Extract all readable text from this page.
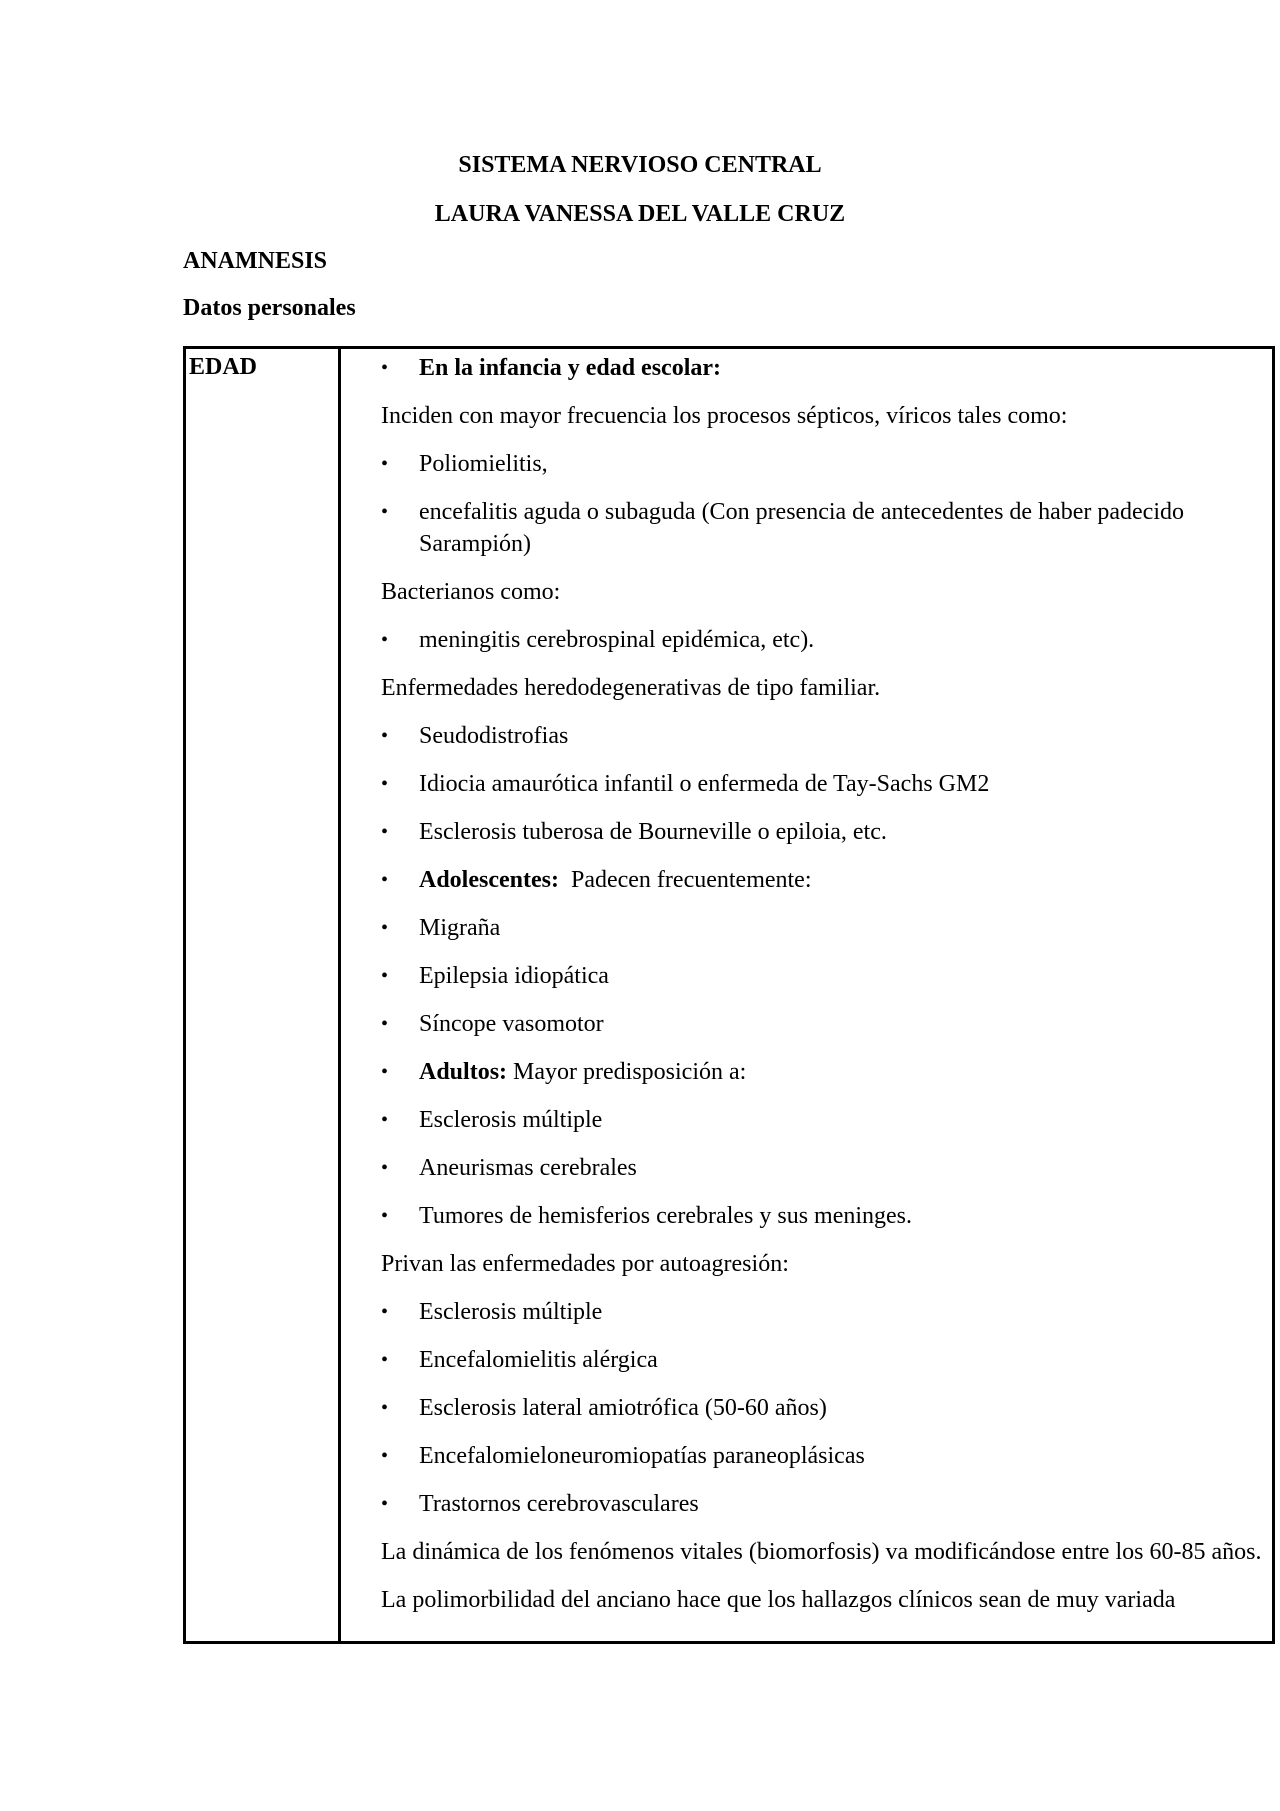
SISTEMA NERVIOSO CENTRAL
LAURA VANESSA DEL VALLE CRUZ
ANAMNESIS
Datos personales
EDAD	•	En la infancia y edad escolar:
Inciden con mayor frecuencia los procesos sépticos, víricos tales como:
•	Poliomielitis,
•	encefalitis aguda o subaguda (Con presencia de antecedentes de haber padecido Sarampión)
Bacterianos como:
•	meningitis cerebrospinal epidémica, etc).
Enfermedades heredodegenerativas de tipo familiar.
•	Seudodistrofias
•	Idiocia amaurótica infantil o enfermeda de Tay-Sachs GM2
•	Esclerosis tuberosa de Bourneville o epiloia, etc.
•	Adolescentes:  Padecen frecuentemente:
•	Migraña
•	Epilepsia idiopática
•	Síncope vasomotor
•	Adultos: Mayor predisposición a:
•	Esclerosis múltiple
•	Aneurismas cerebrales
•	Tumores de hemisferios cerebrales y sus meninges.
Privan las enfermedades por autoagresión:
•	Esclerosis múltiple
•	Encefalomielitis alérgica
•	Esclerosis lateral amiotrófica (50-60 años)
•	Encefalomieloneuromiopatías paraneoplásicas
•	Trastornos cerebrovasculares
La dinámica de los fenómenos vitales (biomorfosis) va modificándose entre los 60-85 años.
La polimorbilidad del anciano hace que los hallazgos clínicos sean de muy variada
